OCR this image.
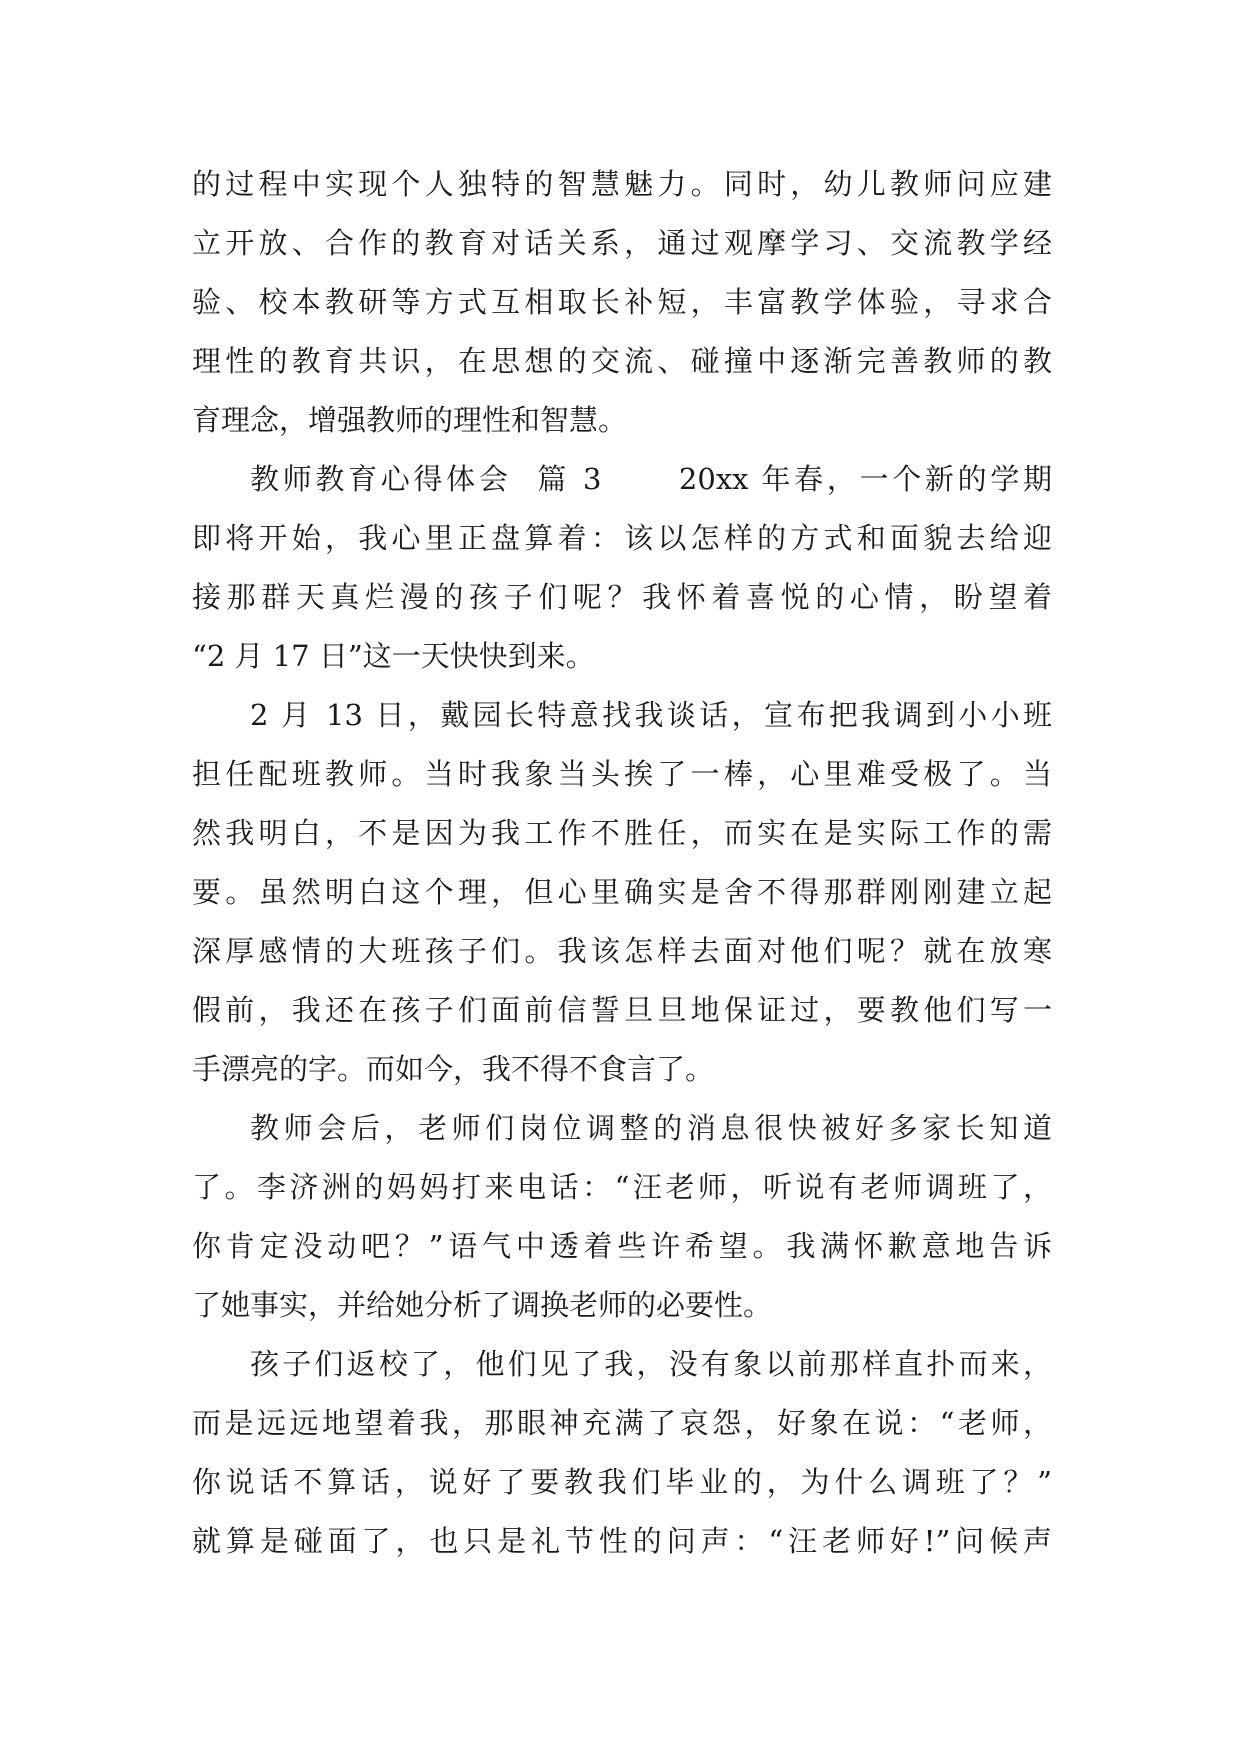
的过程中实现个人独特的智慧魅力。同时，幼儿教师问应建
立开放、合作的教育对话关系，通过观摩学习、交流教学经
验、校本教研等方式互相取长补短，丰富教学体验，寻求合
理性的教育共识，在思想的交流、碰撞中逐渐完善教师的教
育理念，增强教师的理性和智慧。
教师教育心得体会  篇 3      20xx 年春，一个新的学期
即将开始，我心里正盘算着：该以怎样的方式和面貌去给迎
接那群天真烂漫的孩子们呢？我怀着喜悦的心情，盼望着
“2 月 17 日”这一天快快到来。
2 月 13 日，戴园长特意找我谈话，宣布把我调到小小班
担任配班教师。当时我象当头挨了一棒，心里难受极了。当
然我明白，不是因为我工作不胜任，而实在是实际工作的需
要。虽然明白这个理，但心里确实是舍不得那群刚刚建立起
深厚感情的大班孩子们。我该怎样去面对他们呢？就在放寒
假前，我还在孩子们面前信誓旦旦地保证过，要教他们写一
手漂亮的字。而如今，我不得不食言了。
教师会后，老师们岗位调整的消息很快被好多家长知道
了。李济洲的妈妈打来电话：“汪老师，听说有老师调班了，
你肯定没动吧？”语气中透着些许希望。我满怀歉意地告诉
了她事实，并给她分析了调换老师的必要性。
孩子们返校了，他们见了我，没有象以前那样直扑而来，
而是远远地望着我，那眼神充满了哀怨，好象在说：“老师，
你说话不算话，说好了要教我们毕业的，为什么调班了？”
就算是碰面了，也只是礼节性的问声：“汪老师好!”问候声
